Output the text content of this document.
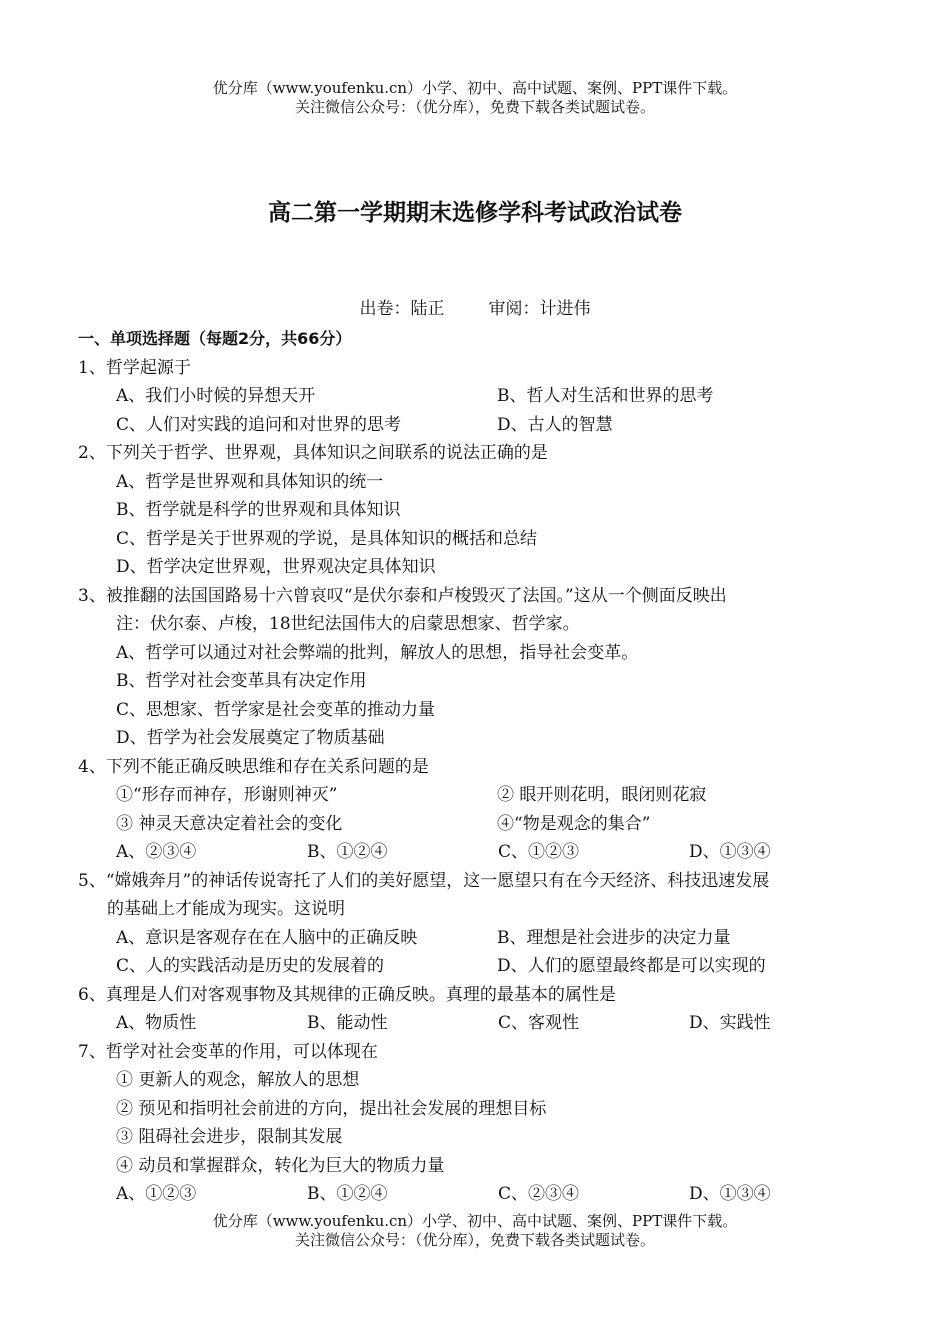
优分库（www.youfenku.cn）小学、初中、高中试题、案例、PPT课件下载。
关注微信公众号：（优分库），免费下载各类试题试卷。
高二第一学期期末选修学科考试政治试卷
出卷：陆正	审阅：计进伟
一、单项选择题（每题2分，共66分）
1、哲学起源于
A、我们小时候的异想天开	B、哲人对生活和世界的思考
C、人们对实践的追问和对世界的思考	D、古人的智慧
2、下列关于哲学、世界观，具体知识之间联系的说法正确的是
A、哲学是世界观和具体知识的统一
B、哲学就是科学的世界观和具体知识
C、哲学是关于世界观的学说，是具体知识的概括和总结
D、哲学决定世界观，世界观决定具体知识
3、被推翻的法国国路易十六曾哀叹“是伏尔泰和卢梭毁灭了法国。”这从一个侧面反映出
注：伏尔泰、卢梭，18世纪法国伟大的启蒙思想家、哲学家。
A、哲学可以通过对社会弊端的批判，解放人的思想，指导社会变革。
B、哲学对社会变革具有决定作用
C、思想家、哲学家是社会变革的推动力量
D、哲学为社会发展奠定了物质基础
4、下列不能正确反映思维和存在关系问题的是
①“形存而神存，形谢则神灭”	② 眼开则花明，眼闭则花寂
③ 神灵天意决定着社会的变化	④“物是观念的集合”
A、②③④	B、①②④	C、①②③	D、①③④
5、“嫦娥奔月”的神话传说寄托了人们的美好愿望，这一愿望只有在今天经济、科技迅速发展
的基础上才能成为现实。这说明
A、意识是客观存在在人脑中的正确反映	B、理想是社会进步的决定力量
C、人的实践活动是历史的发展着的	D、人们的愿望最终都是可以实现的
6、真理是人们对客观事物及其规律的正确反映。真理的最基本的属性是
A、物质性	B、能动性	C、客观性	D、实践性
7、哲学对社会变革的作用，可以体现在
① 更新人的观念，解放人的思想
② 预见和指明社会前进的方向，提出社会发展的理想目标
③ 阻碍社会进步，限制其发展
④ 动员和掌握群众，转化为巨大的物质力量
A、①②③	B、①②④	C、②③④	D、①③④
优分库（www.youfenku.cn）小学、初中、高中试题、案例、PPT课件下载。
关注微信公众号：（优分库），免费下载各类试题试卷。
